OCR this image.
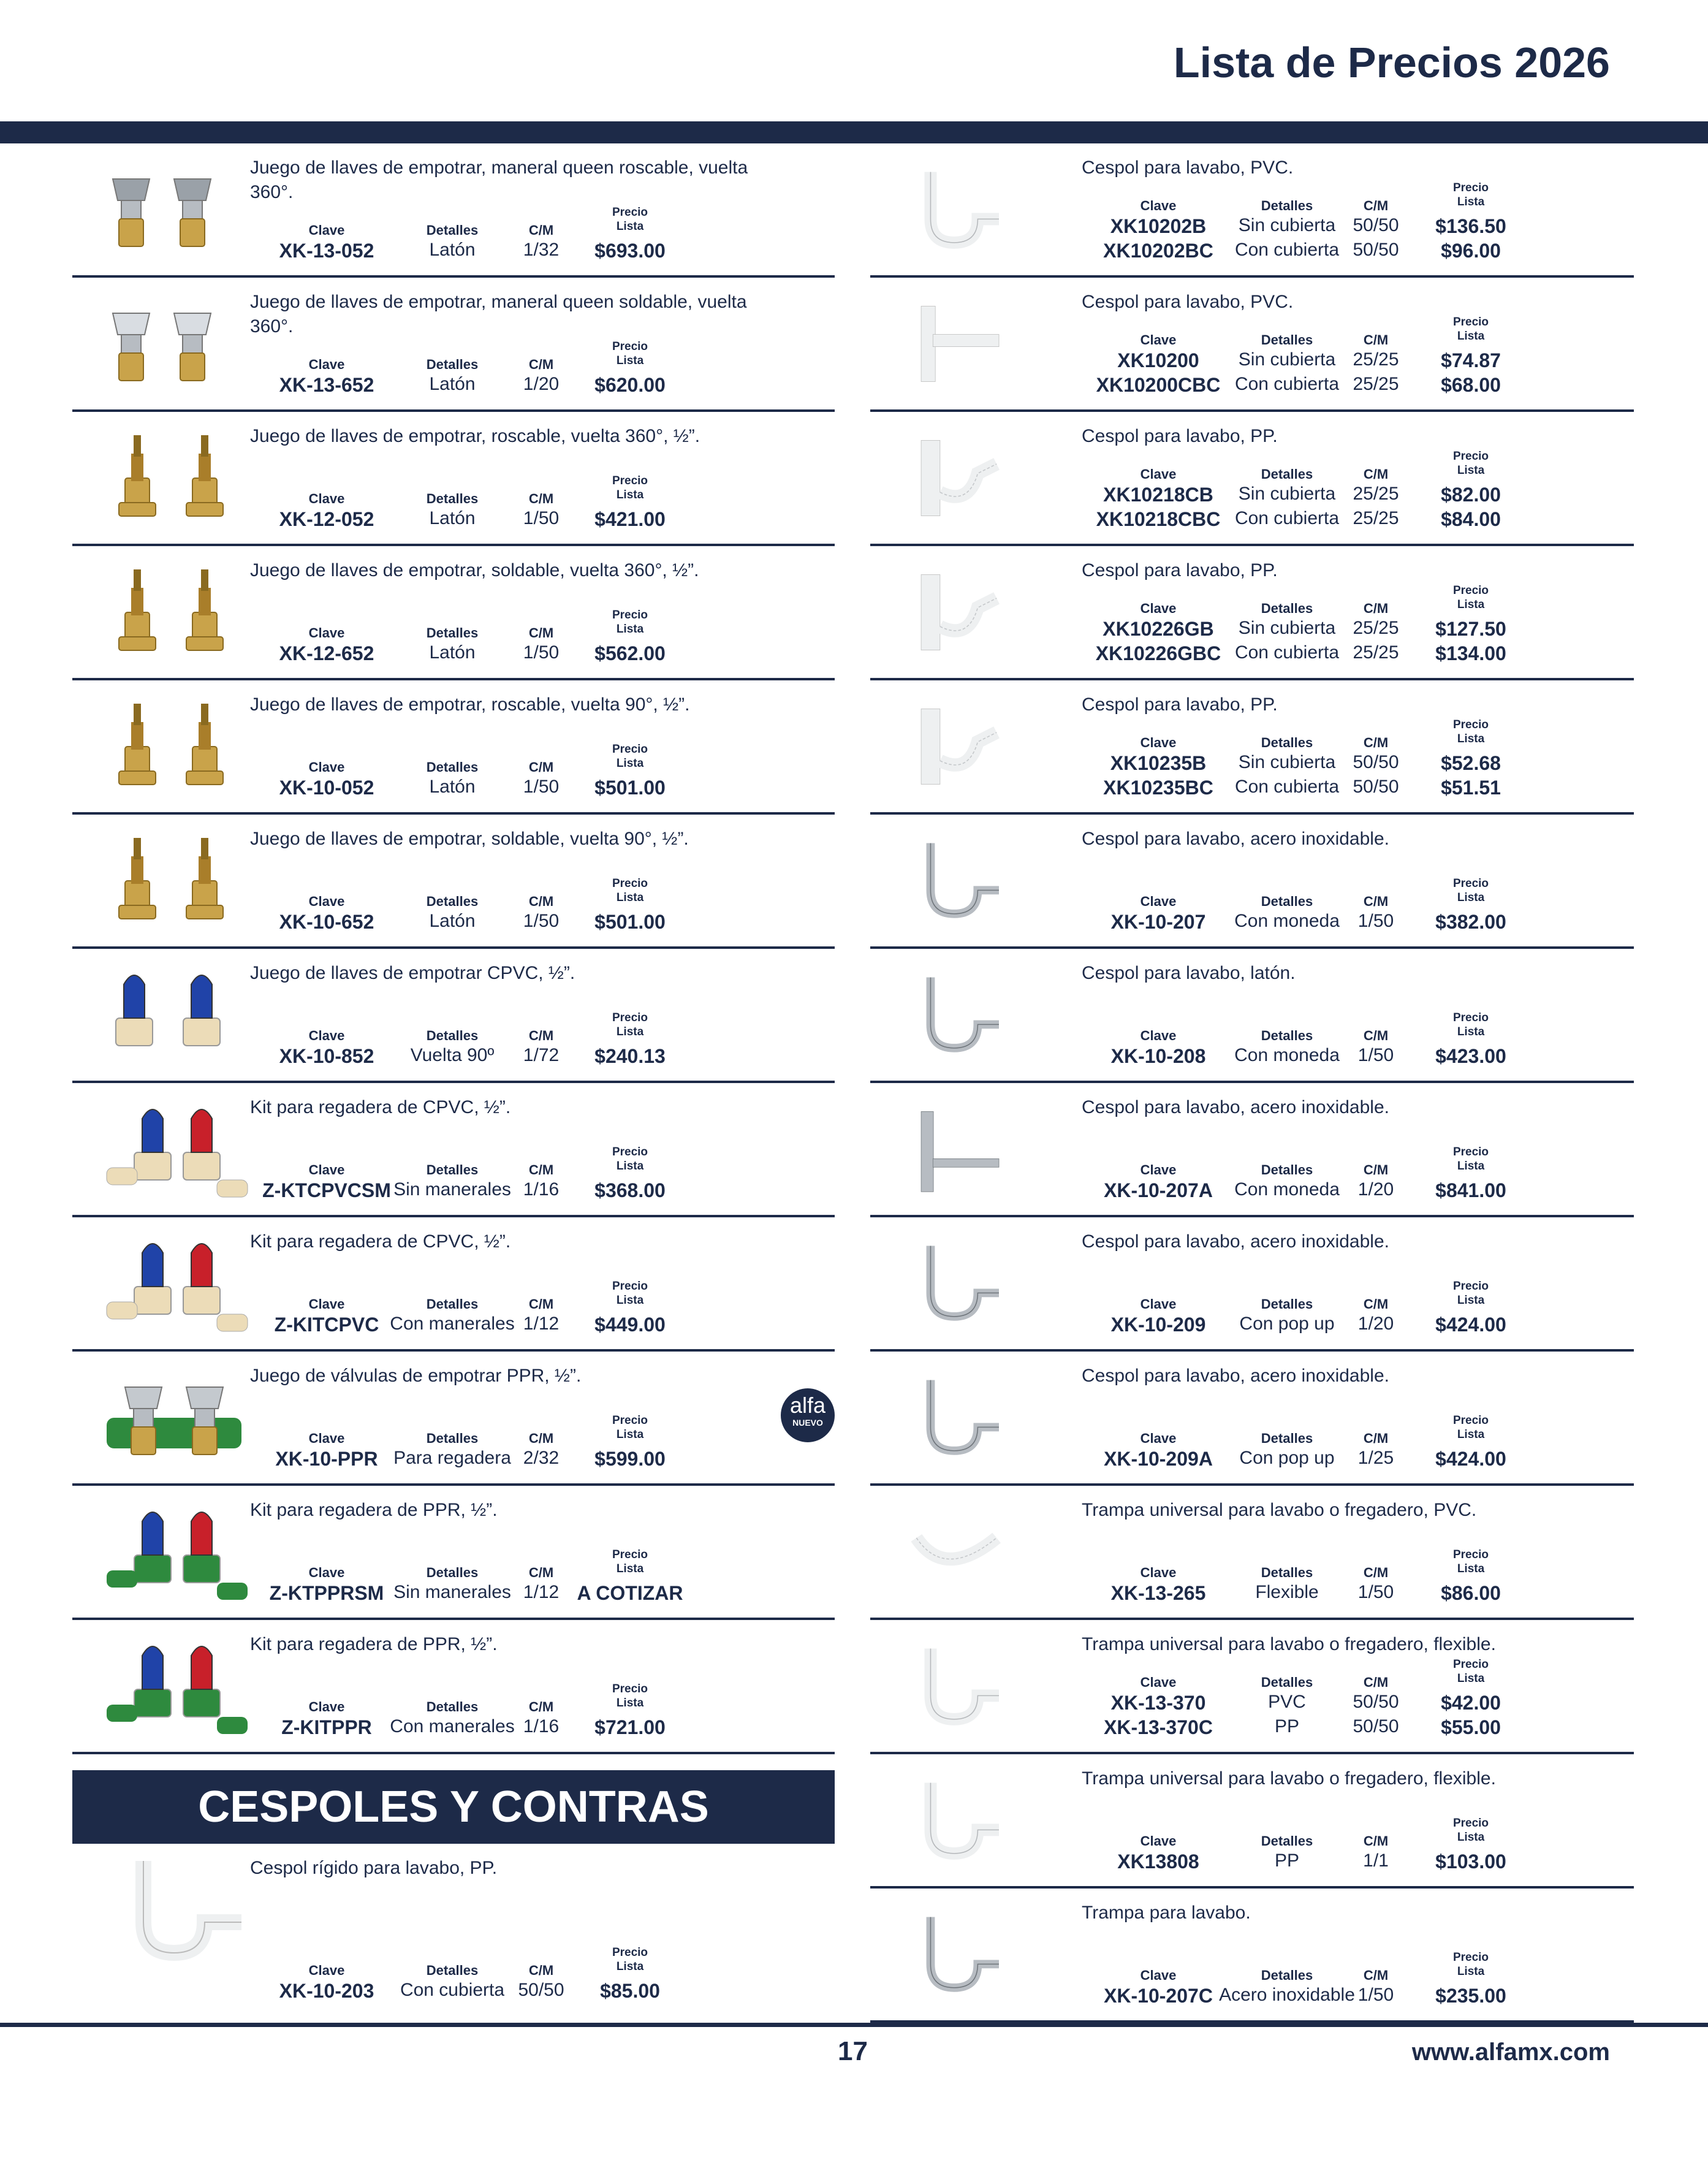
Lista de Precios 2026
Juego de llaves de empotrar, maneral queen roscable, vuelta 360°.
Clave	Detalles	C/M
Precio
Lista
XK-13-052	Latón	1/32	$693.00
Juego de llaves de empotrar, maneral queen soldable, vuelta 360°.
Clave	Detalles	C/M
Precio
Lista
XK-13-652	Latón	1/20	$620.00
Juego de llaves de empotrar, roscable, vuelta 360°, ½”.
Clave	Detalles	C/M
Precio
Lista
XK-12-052	Latón	1/50	$421.00
Juego de llaves de empotrar, soldable, vuelta 360°, ½”.
Clave	Detalles	C/M
Precio
Lista
XK-12-652	Latón	1/50	$562.00
Juego de llaves de empotrar, roscable, vuelta 90°, ½”.
Clave	Detalles	C/M
Precio
Lista
XK-10-052	Latón	1/50	$501.00
Juego de llaves de empotrar, soldable, vuelta 90°, ½”.
Clave	Detalles	C/M
Precio
Lista
XK-10-652	Latón	1/50	$501.00
Juego de llaves de empotrar CPVC, ½”.
Clave	Detalles	C/M
Precio
Lista
XK-10-852	Vuelta 90º	1/72	$240.13
Kit para regadera de CPVC, ½”.
Clave	Detalles	C/M
Precio
Lista
Z-KTCPVCSM Sin manerales 1/16	$368.00
Kit para regadera de CPVC, ½”.
Clave	Detalles	C/M
Precio
Lista
Z-KITCPVC Con manerales 1/12	$449.00
Juego de válvulas de empotrar PPR, ½”.
Clave	Detalles	C/M
Precio
Lista
XK-10-PPR Para regadera 2/32	$599.00
alfa
NUEVO
Kit para regadera de PPR, ½”.
Clave	Detalles	C/M
Precio
Lista
Z-KTPPRSM Sin manerales 1/12 A COTIZAR
Kit para regadera de PPR, ½”.
Clave	Detalles	C/M
Precio
Lista
Z-KITPPR Con manerales 1/16	$721.00
CESPOLES Y CONTRAS
Cespol rígido para lavabo, PP.
Clave	Detalles	C/M
Precio
Lista
XK-10-203	Con cubierta 50/50	$85.00
Cespol para lavabo, PVC.
Clave	Detalles	C/M
Precio
Lista
XK10202B	Sin cubierta 50/50	$136.50
XK10202BC	Con cubierta 50/50	$96.00
Cespol para lavabo, PVC.
Clave	Detalles	C/M
Precio
Lista
XK10200	Sin cubierta 25/25	$74.87
XK10200CBC Con cubierta 25/25	$68.00
Cespol para lavabo, PP.
Clave	Detalles	C/M
Precio
Lista
XK10218CB	Sin cubierta 25/25	$82.00
XK10218CBC Con cubierta 25/25	$84.00
Cespol para lavabo, PP.
Clave	Detalles	C/M
Precio
Lista
XK10226GB	Sin cubierta 25/25	$127.50
XK10226GBC Con cubierta 25/25	$134.00
Cespol para lavabo, PP.
Clave	Detalles	C/M
Precio
Lista
XK10235B	Sin cubierta 50/50	$52.68
XK10235BC	Con cubierta 50/50	$51.51
Cespol para lavabo, acero inoxidable.
Clave	Detalles	C/M
Precio
Lista
XK-10-207	Con moneda 1/50	$382.00
Cespol para lavabo, latón.
Clave	Detalles	C/M
Precio
Lista
XK-10-208	Con moneda 1/50	$423.00
Cespol para lavabo, acero inoxidable.
Clave	Detalles	C/M
Precio
Lista
XK-10-207A	Con moneda 1/20	$841.00
Cespol para lavabo, acero inoxidable.
Clave	Detalles	C/M
Precio
Lista
XK-10-209	Con pop up	1/20	$424.00
Cespol para lavabo, acero inoxidable.
Clave	Detalles	C/M
Precio
Lista
XK-10-209A	Con pop up	1/25	$424.00
Trampa universal para lavabo o fregadero, PVC.
Clave	Detalles	C/M
Precio
Lista
XK-13-265	Flexible	1/50	$86.00
Trampa universal para lavabo o fregadero, flexible.
Clave	Detalles	C/M
Precio
Lista
XK-13-370	PVC	50/50	$42.00
XK-13-370C	PP	50/50	$55.00
Trampa universal para lavabo o fregadero, flexible.
Clave	Detalles	C/M
Precio
Lista
XK13808	PP	1/1	$103.00
Trampa para lavabo.
Clave	Detalles	C/M
Precio
Lista
XK-10-207C Acero inoxidable 1/50	$235.00
17	www.alfamx.com
